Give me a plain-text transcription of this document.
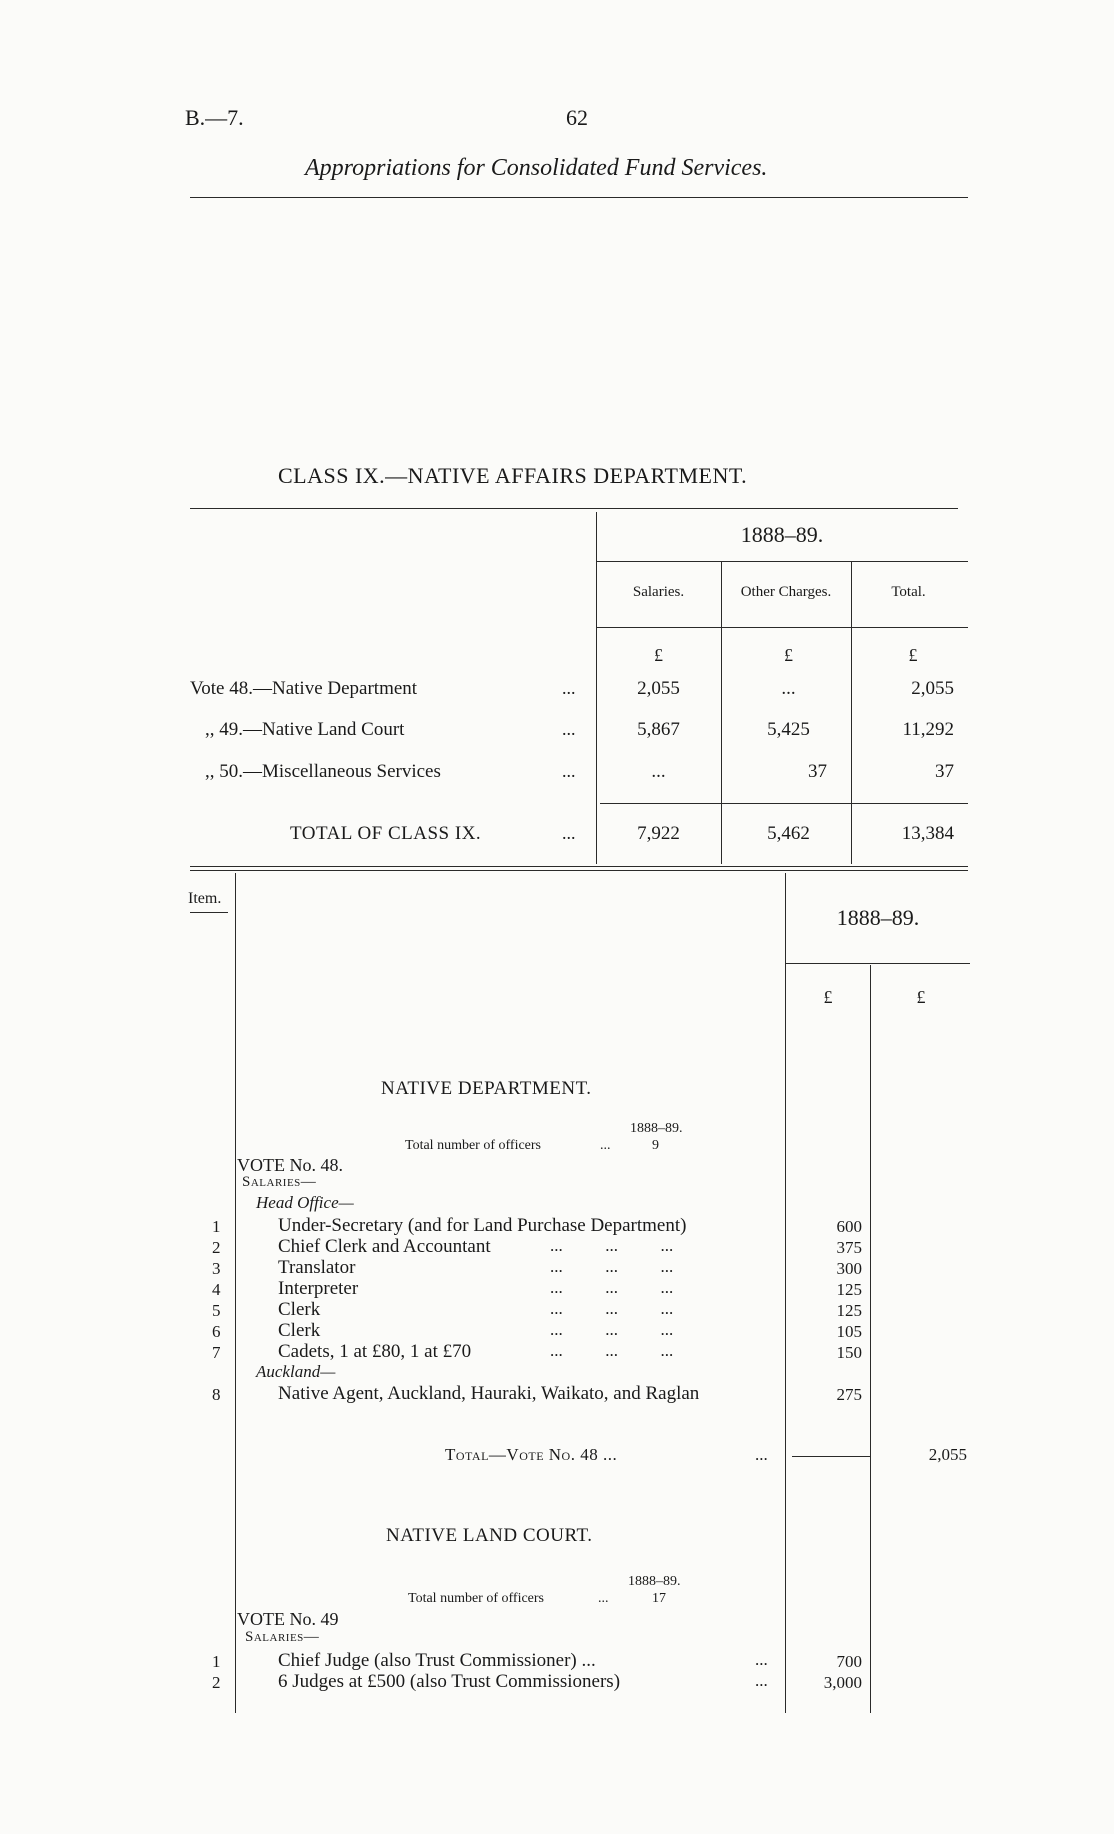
B.—7.	62
Appropriations for Consolidated Fund Services.
CLASS IX.—NATIVE AFFAIRS DEPARTMENT.
1888–89.
Salaries.	Other Charges.	Total.
£	£	£
Vote 48.—Native Department	...	2,055	...	2,055
,, 49.—Native Land Court	...	5,867	5,425	11,292
,, 50.—Miscellaneous Services	...	...	37	37
TOTAL OF CLASS IX.	...	7,922	5,462	13,384
Item.
1888–89.
£	£
NATIVE DEPARTMENT.
1888–89.
Total number of officers	...	9
VOTE No. 48.
Salaries—
Head Office—
1	Under-Secretary (and for Land Purchase Department)	600
2	Chief Clerk and Accountant	...          ...          ...	375
3	Translator	...          ...          ...	300
4	Interpreter	...          ...          ...	125
5	Clerk	...          ...          ...	125
6	Clerk	...          ...          ...	105
7	Cadets, 1 at £80, 1 at £70	...          ...          ...	150
Auckland—
8	Native Agent, Auckland, Hauraki, Waikato, and Raglan	275
Total—Vote No. 48 ...	...	2,055
NATIVE LAND COURT.
1888–89.
Total number of officers	...	17
VOTE No. 49
Salaries—
1	Chief Judge (also Trust Commissioner) ...	...	700
2	6 Judges at £500 (also Trust Commissioners)	...	3,000
